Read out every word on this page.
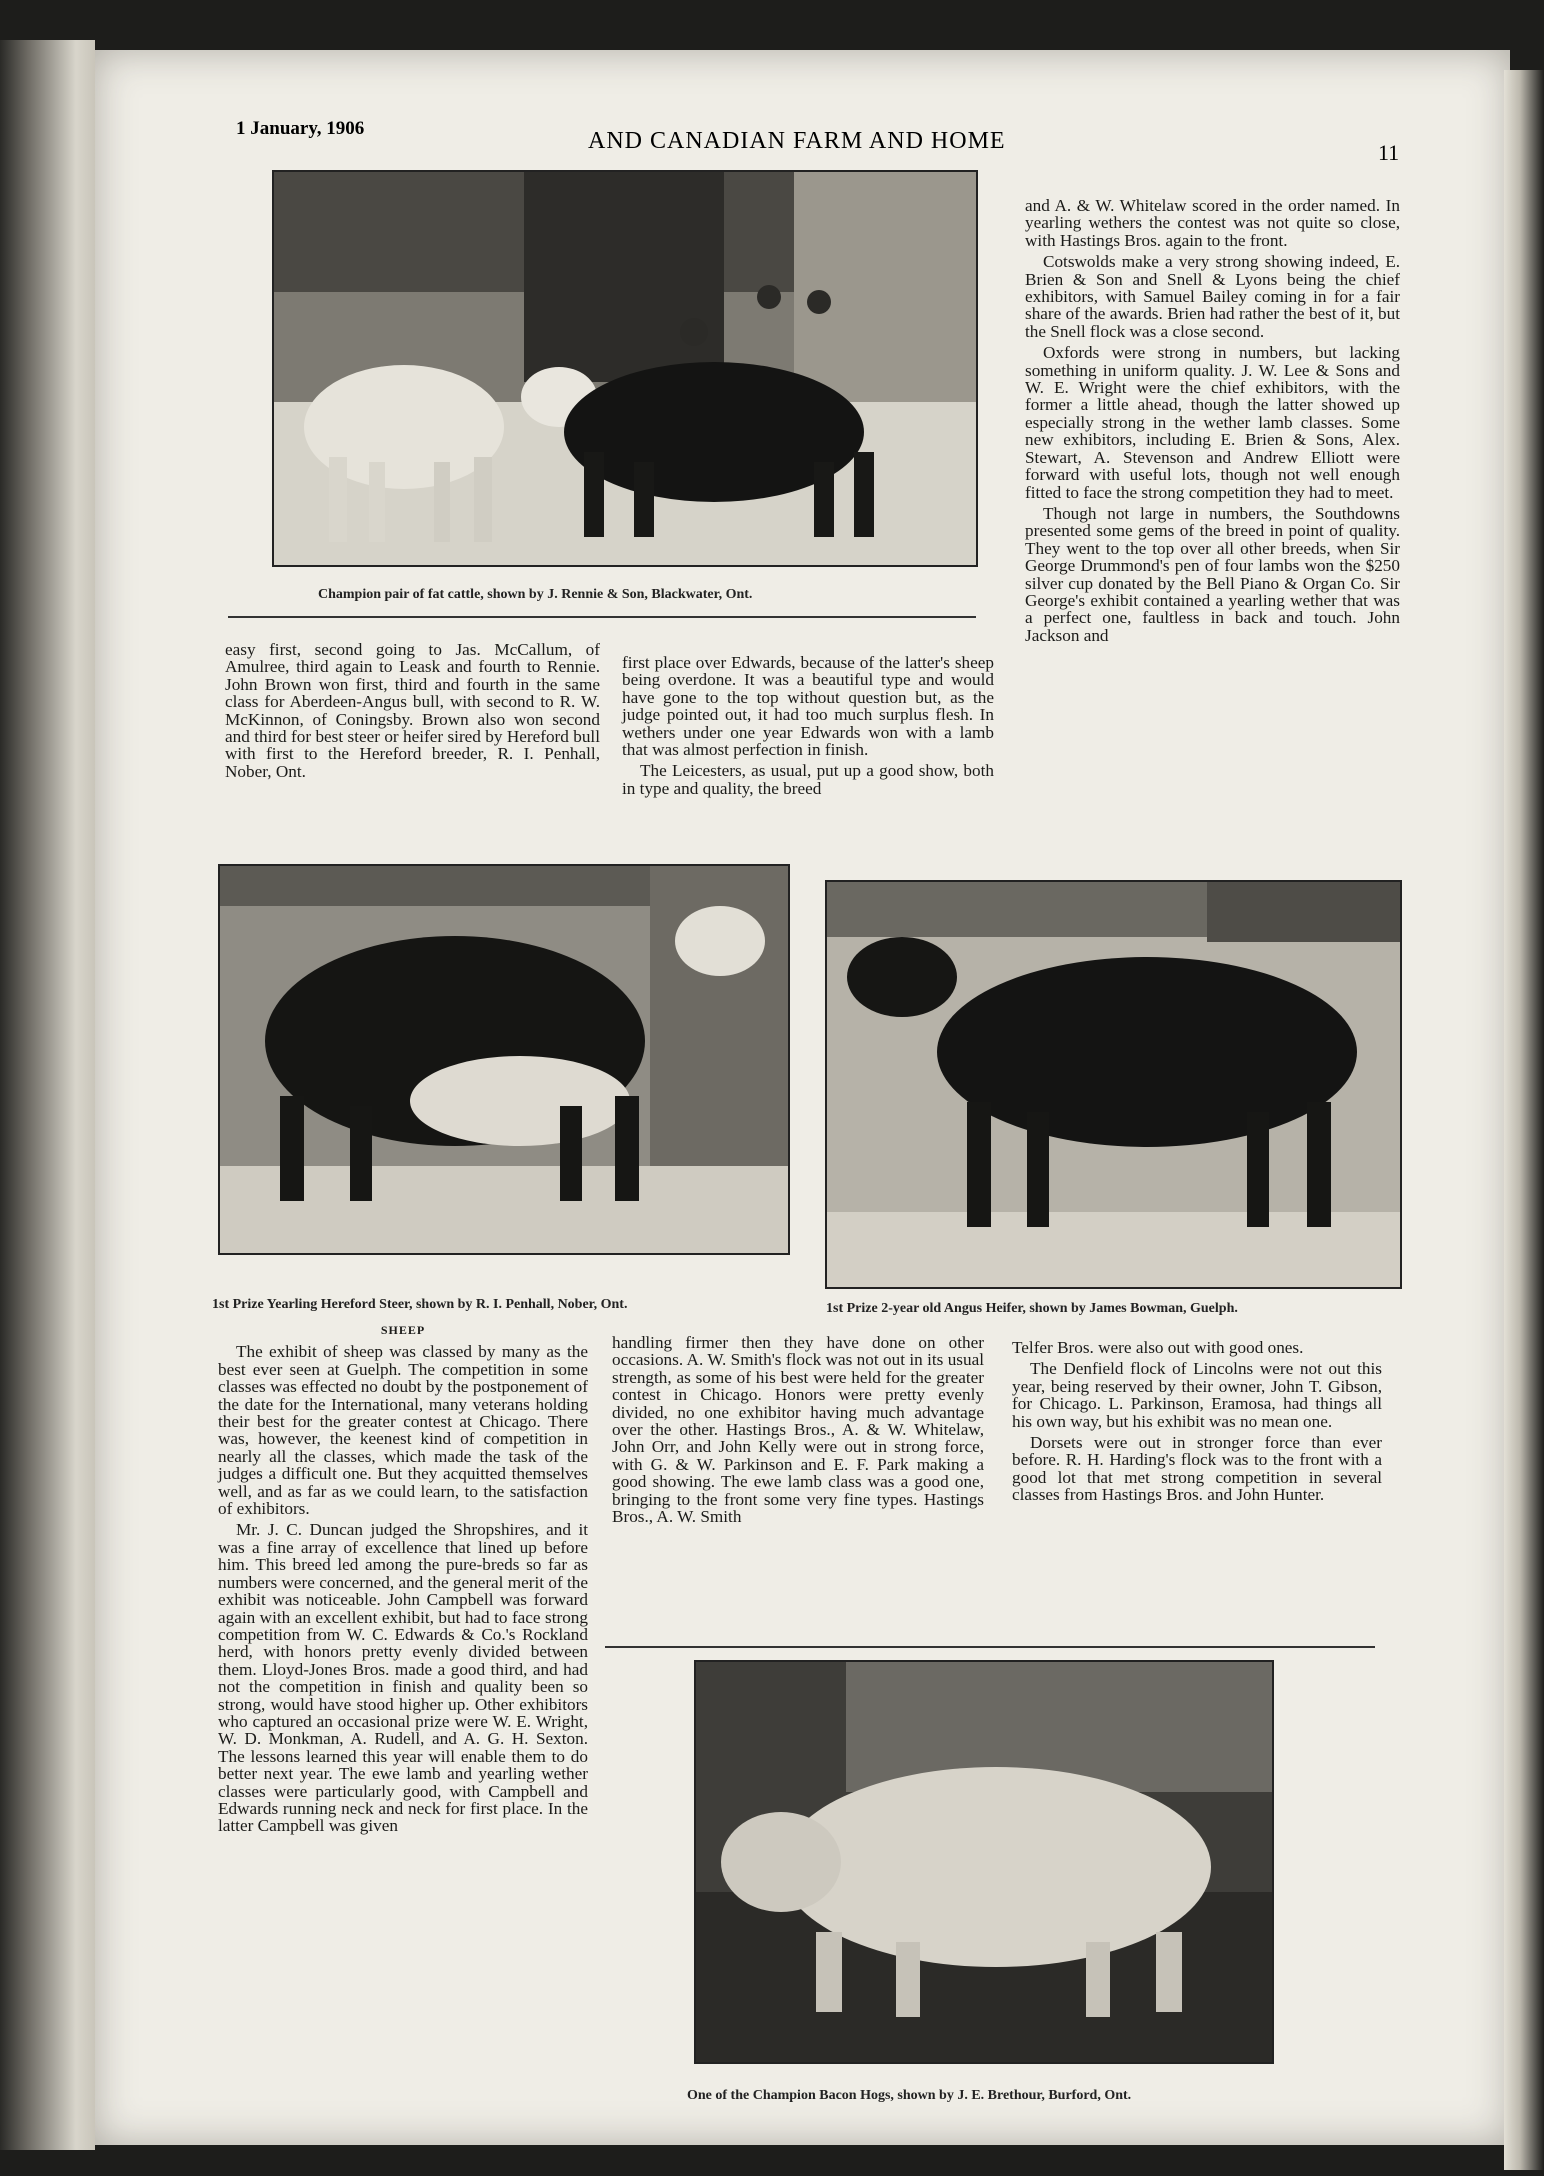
1 January, 1906	AND CANADIAN FARM AND HOME	11
Champion pair of fat cattle, shown by J. Rennie & Son, Blackwater, Ont.

and A. & W. Whitelaw scored in the order named. In yearling wethers the contest was not quite so close, with Hastings Bros. again to the front.

Cotswolds make a very strong showing indeed, E. Brien & Son and Snell & Lyons being the chief exhibitors, with Samuel Bailey coming in for a fair share of the awards. Brien had rather the best of it, but the Snell flock was a close second.

Oxfords were strong in numbers, but lacking something in uniform quality. J. W. Lee & Sons and W. E. Wright were the chief exhibitors, with the former a little ahead, though the latter showed up especially strong in the wether lamb classes. Some new exhibitors, including E. Brien & Sons, Alex. Stewart, A. Stevenson and Andrew Elliott were forward with useful lots, though not well enough fitted to face the strong competition they had to meet.

Though not large in numbers, the Southdowns presented some gems of the breed in point of quality. They went to the top over all other breeds, when Sir George Drummond's pen of four lambs won the $250 silver cup donated by the Bell Piano & Organ Co. Sir George's exhibit contained a yearling wether that was a perfect one, faultless in back and touch. John Jackson and

easy first, second going to Jas. McCallum, of Amulree, third again to Leask and fourth to Rennie. John Brown won first, third and fourth in the same class for Aberdeen-Angus bull, with second to R. W. McKinnon, of Coningsby. Brown also won second and third for best steer or heifer sired by Hereford bull with first to the Hereford breeder, R. I. Penhall, Nober, Ont.

first place over Edwards, because of the latter's sheep being overdone. It was a beautiful type and would have gone to the top without question but, as the judge pointed out, it had too much surplus flesh. In wethers under one year Edwards won with a lamb that was almost perfection in finish.

The Leicesters, as usual, put up a good show, both in type and quality, the breed

1st Prize Yearling Hereford Steer, shown by R. I. Penhall, Nober, Ont.	1st Prize 2-year old Angus Heifer, shown by James Bowman, Guelph.

SHEEP

The exhibit of sheep was classed by many as the best ever seen at Guelph. The competition in some classes was effected no doubt by the postponement of the date for the International, many veterans holding their best for the greater contest at Chicago. There was, however, the keenest kind of competition in nearly all the classes, which made the task of the judges a difficult one. But they acquitted themselves well, and as far as we could learn, to the satisfaction of exhibitors.

Mr. J. C. Duncan judged the Shropshires, and it was a fine array of excellence that lined up before him. This breed led among the pure-breds so far as numbers were concerned, and the general merit of the exhibit was noticeable. John Campbell was forward again with an excellent exhibit, but had to face strong competition from W. C. Edwards & Co.'s Rockland herd, with honors pretty evenly divided between them. Lloyd-Jones Bros. made a good third, and had not the competition in finish and quality been so strong, would have stood higher up. Other exhibitors who captured an occasional prize were W. E. Wright, W. D. Monkman, A. Rudell, and A. G. H. Sexton. The lessons learned this year will enable them to do better next year. The ewe lamb and yearling wether classes were particularly good, with Campbell and Edwards running neck and neck for first place. In the latter Campbell was given

handling firmer then they have done on other occasions. A. W. Smith's flock was not out in its usual strength, as some of his best were held for the greater contest in Chicago. Honors were pretty evenly divided, no one exhibitor having much advantage over the other. Hastings Bros., A. & W. Whitelaw, John Orr, and John Kelly were out in strong force, with G. & W. Parkinson and E. F. Park making a good showing. The ewe lamb class was a good one, bringing to the front some very fine types. Hastings Bros., A. W. Smith

Telfer Bros. were also out with good ones.

The Denfield flock of Lincolns were not out this year, being reserved by their owner, John T. Gibson, for Chicago. L. Parkinson, Eramosa, had things all his own way, but his exhibit was no mean one.

Dorsets were out in stronger force than ever before. R. H. Harding's flock was to the front with a good lot that met strong competition in several classes from Hastings Bros. and John Hunter.

One of the Champion Bacon Hogs, shown by J. E. Brethour, Burford, Ont.
